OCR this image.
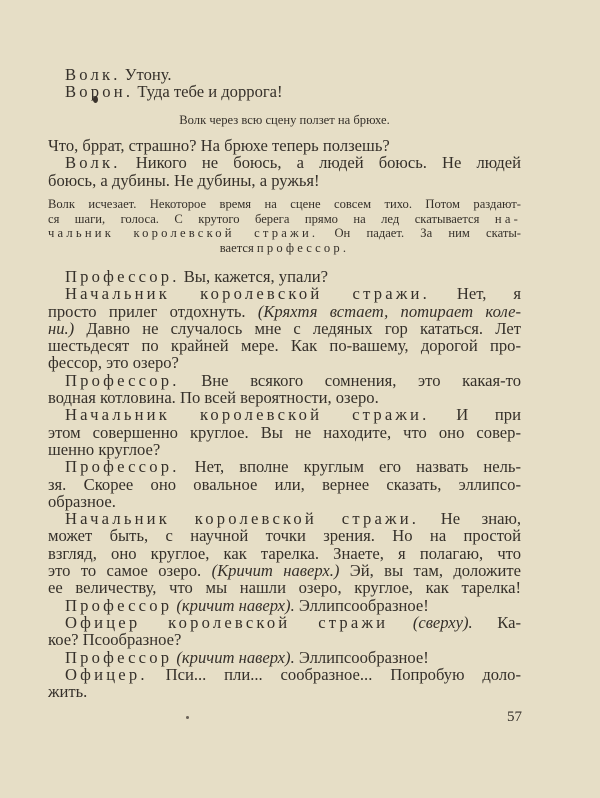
57
Волк. Утону.
Ворон. Туда тебе и доррога!
Волк через всю сцену ползет на брюхе.
Что, бррат, страшно? На брюхе теперь ползешь?
Волк. Никого не боюсь, а людей боюсь. Не людей
боюсь, а дубины. Не дубины, а ружья!
Волк исчезает. Некоторое время на сцене совсем тихо. Потом раздают-
ся шаги, голоса. С крутого берега прямо на лед скатывается на-
чальник королевской стражи. Он падает. За ним скаты-
вается профессор.
Профессор. Вы, кажется, упали?
Начальник королевской стражи. Нет, я
просто прилег отдохнуть. (Кряхтя встает, потирает коле-
ни.) Давно не случалось мне с ледяных гор кататься. Лет
шестьдесят по крайней мере. Как по-вашему, дорогой про-
фессор, это озеро?
Профессор. Вне всякого сомнения, это какая-то
водная котловина. По всей вероятности, озеро.
Начальник королевской стражи. И при
этом совершенно круглое. Вы не находите, что оно совер-
шенно круглое?
Профессор. Нет, вполне круглым его назвать нель-
зя. Скорее оно овальное или, вернее сказать, эллипсо-
образное.
Начальник королевской стражи. Не знаю,
может быть, с научной точки зрения. Но на простой
взгляд, оно круглое, как тарелка. Знаете, я полагаю, что
это то самое озеро. (Кричит наверх.) Эй, вы там, доложите
ее величеству, что мы нашли озеро, круглое, как тарелка!
Профессор (кричит наверх). Эллипсообразное!
Офицер королевской стражи (сверху). Ка-
кое? Псообразное?
Профессор (кричит наверх). Эллипсообразное!
Офицер. Пси... пли... сообразное... Попробую доло-
жить.
